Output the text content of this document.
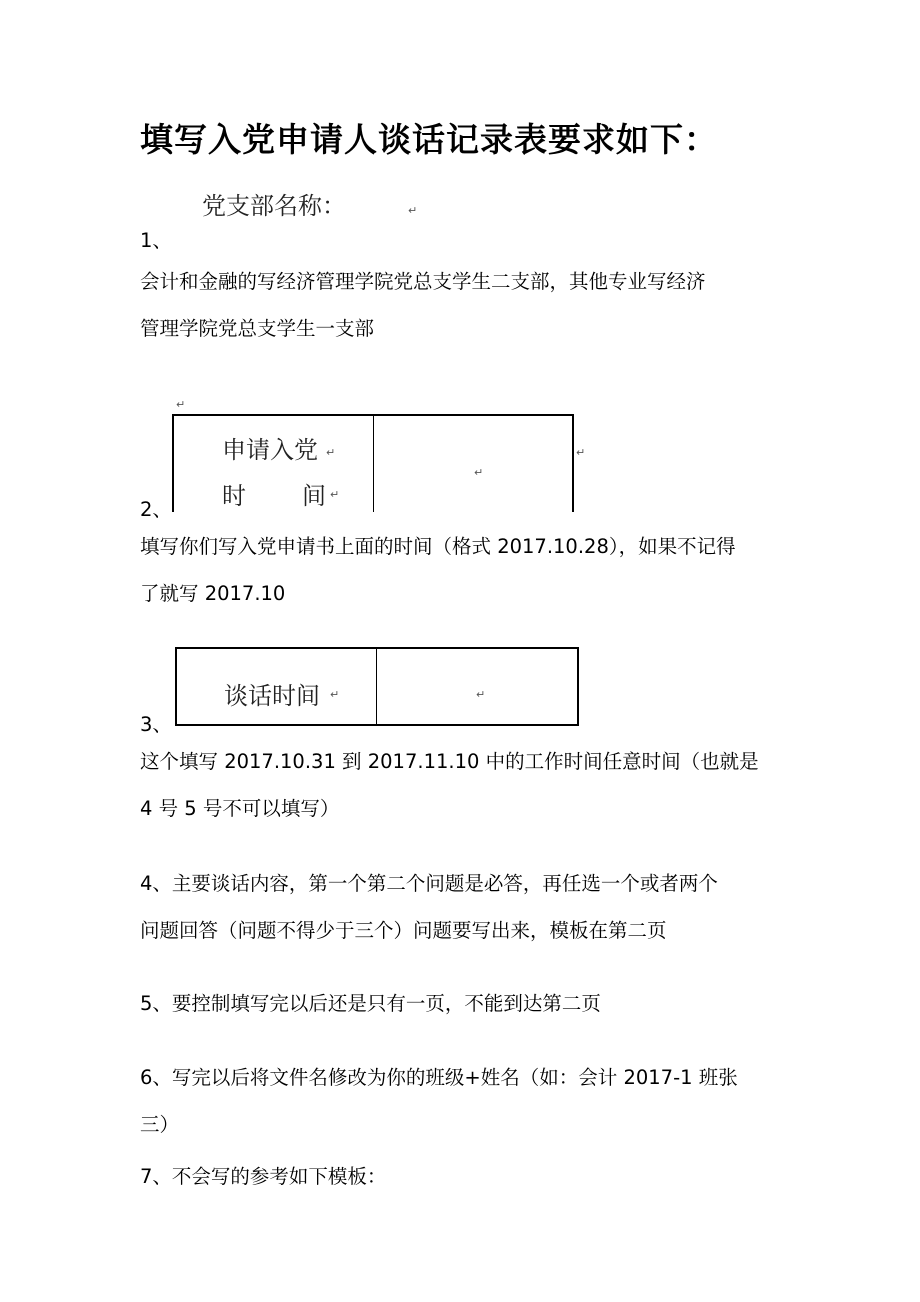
填写入党申请人谈话记录表要求如下：
党支部名称：	↵
1、
会计和金融的写经济管理学院党总支学生二支部，其他专业写经济
管理学院党总支学生一支部
↵
↵
申请入党 ↵
时 间 ↵
↵
2、
填写你们写入党申请书上面的时间（格式 2017.10.28），如果不记得
了就写 2017.10
谈话时间 ↵	↵
3、
这个填写 2017.10.31 到 2017.11.10 中的工作时间任意时间（也就是
4 号 5 号不可以填写）
4、主要谈话内容，第一个第二个问题是必答，再任选一个或者两个
问题回答（问题不得少于三个）问题要写出来，模板在第二页
5、要控制填写完以后还是只有一页，不能到达第二页
6、写完以后将文件名修改为你的班级+姓名（如：会计 2017-1 班张
三）
7、不会写的参考如下模板：
